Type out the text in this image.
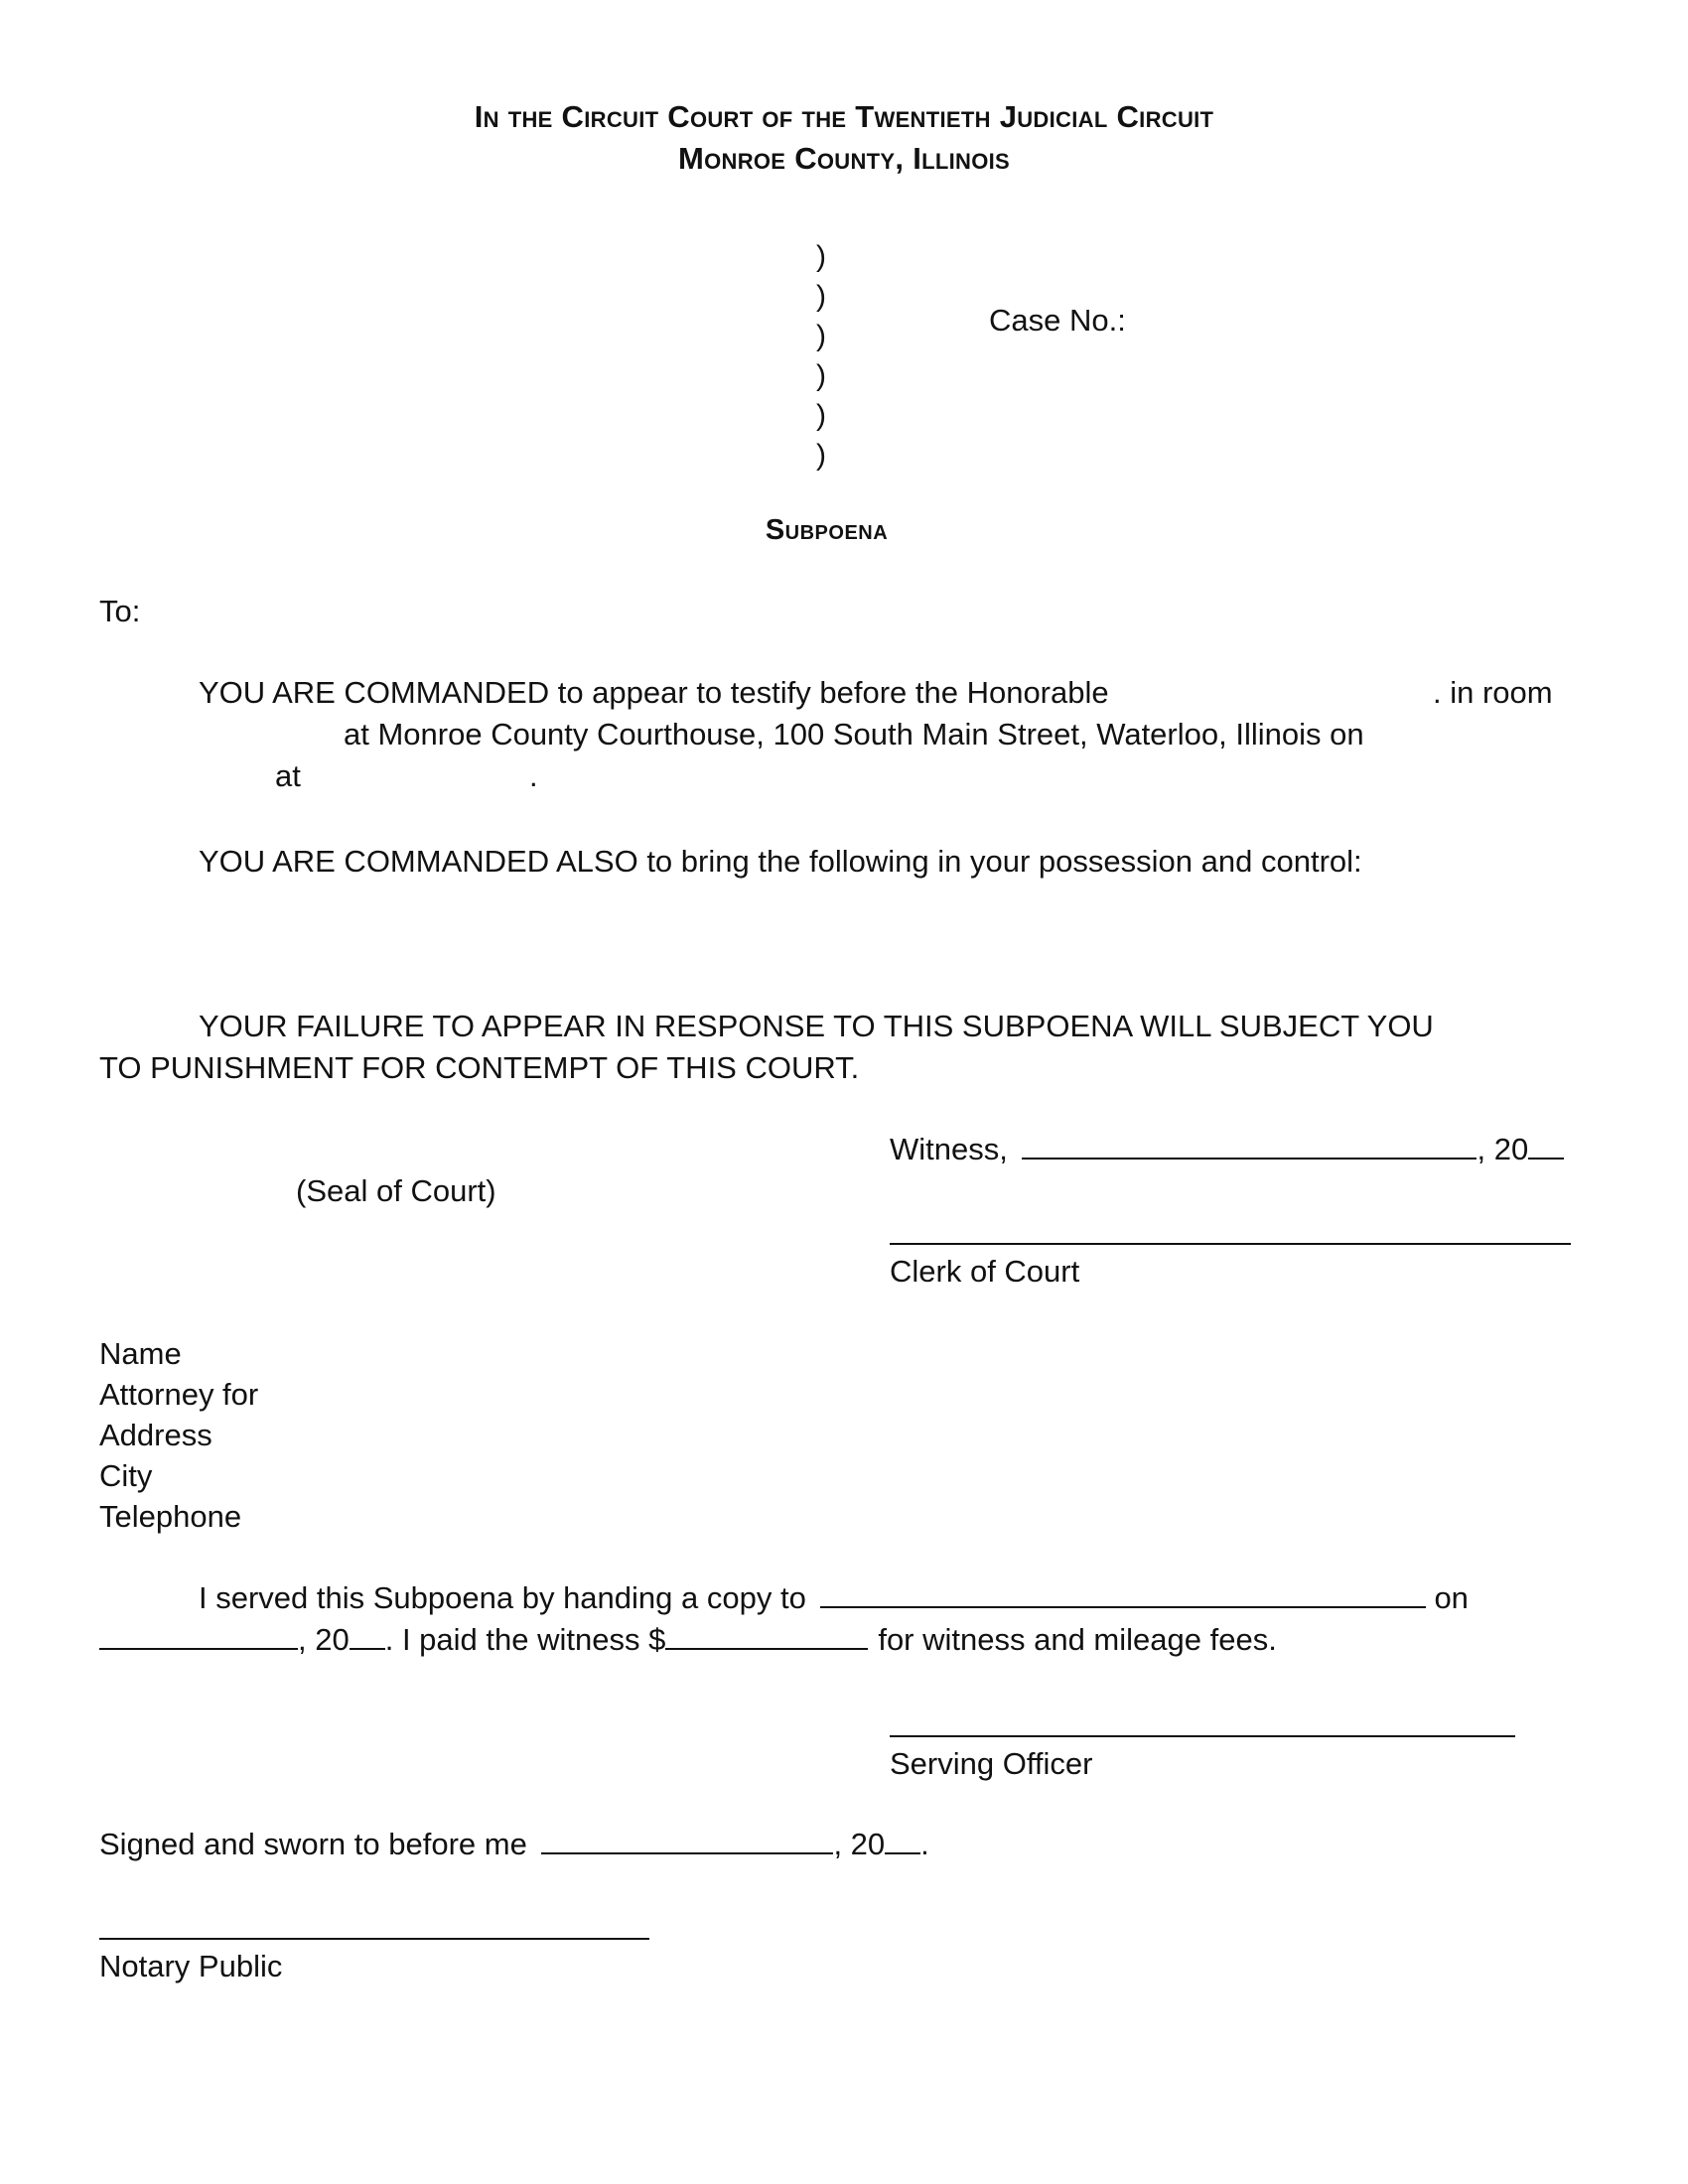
In the Circuit Court of the Twentieth Judicial Circuit
Monroe County, Illinois
)
)
)
)
)
)
Case No.:
Subpoena
To:
YOU ARE COMMANDED to appear to testify before the Honorable	. in room
at Monroe County Courthouse, 100 South Main Street, Waterloo, Illinois on
at	.
YOU ARE COMMANDED ALSO to bring the following in your possession and control:
YOUR FAILURE TO APPEAR IN RESPONSE TO THIS SUBPOENA WILL SUBJECT YOU
TO PUNISHMENT FOR CONTEMPT OF THIS COURT.
Witness,	, 20
(Seal of Court)
Clerk of Court
Name
Attorney for
Address
City
Telephone
I served this Subpoena by handing a copy to	on
, 20 . I paid the witness $	for witness and mileage fees.
Serving Officer
Signed and sworn to before me	, 20 .
Notary Public
